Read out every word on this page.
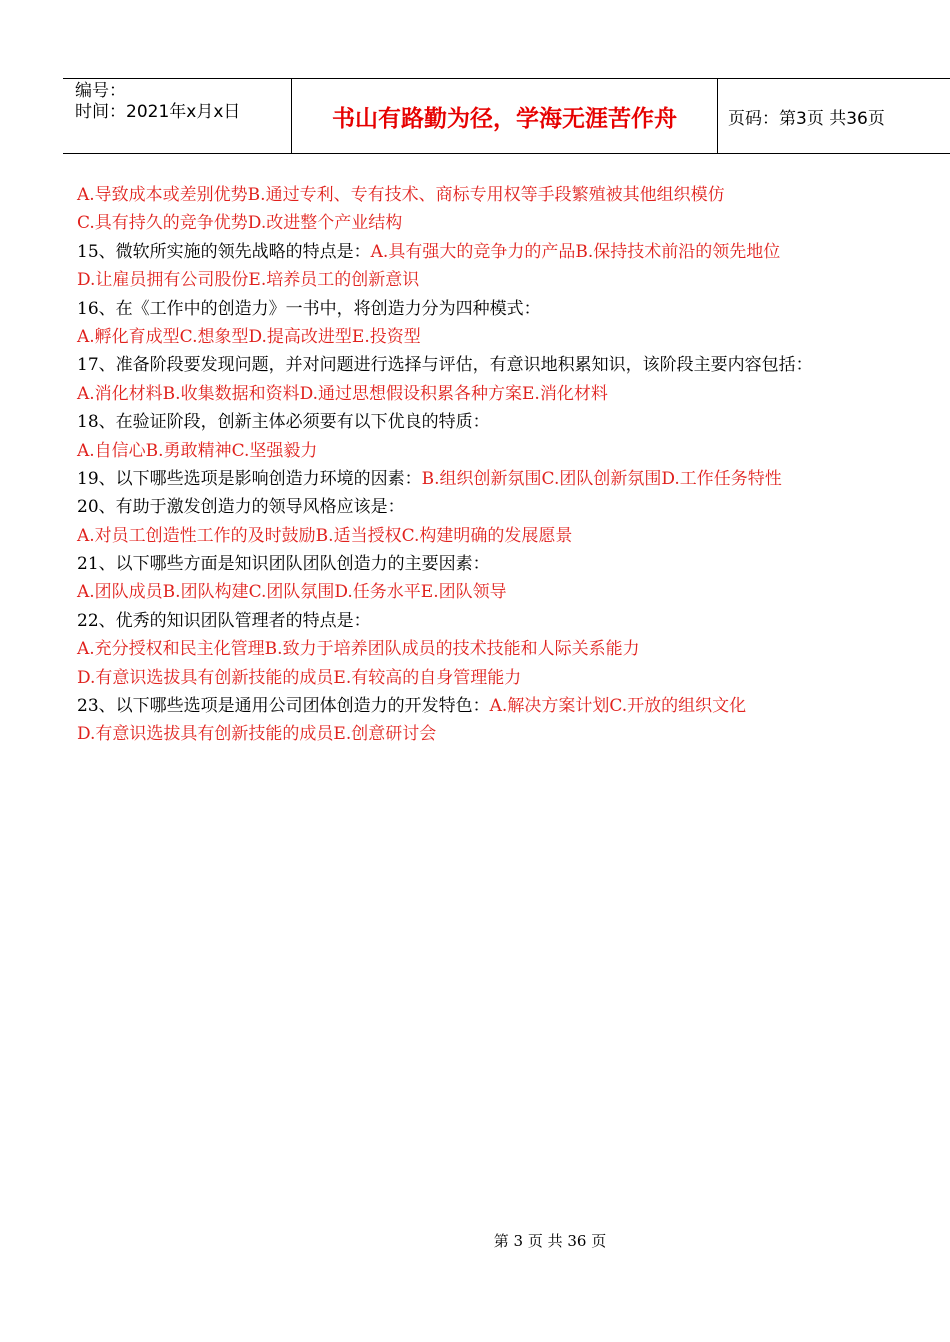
编号：
时间：2021年x月x日	书山有路勤为径，学海无涯苦作舟	页码：第3页 共36页
A.导致成本或差别优势B.通过专利、专有技术、商标专用权等手段繁殖被其他组织模仿
C.具有持久的竞争优势D.改进整个产业结构
15、微软所实施的领先战略的特点是：A.具有强大的竞争力的产品B.保持技术前沿的领先地位
D.让雇员拥有公司股份E.培养员工的创新意识
16、在《工作中的创造力》一书中，将创造力分为四种模式：
A.孵化育成型C.想象型D.提高改进型E.投资型
17、准备阶段要发现问题，并对问题进行选择与评估，有意识地积累知识，该阶段主要内容包括：
A.消化材料B.收集数据和资料D.通过思想假设积累各种方案E.消化材料
18、在验证阶段，创新主体必须要有以下优良的特质：
A.自信心B.勇敢精神C.坚强毅力
19、以下哪些选项是影响创造力环境的因素：B.组织创新氛围C.团队创新氛围D.工作任务特性
20、有助于激发创造力的领导风格应该是：
A.对员工创造性工作的及时鼓励B.适当授权C.构建明确的发展愿景
21、以下哪些方面是知识团队团队创造力的主要因素：
A.团队成员B.团队构建C.团队氛围D.任务水平E.团队领导
22、优秀的知识团队管理者的特点是：
A.充分授权和民主化管理B.致力于培养团队成员的技术技能和人际关系能力
D.有意识选拔具有创新技能的成员E.有较高的自身管理能力
23、以下哪些选项是通用公司团体创造力的开发特色：A.解决方案计划C.开放的组织文化
D.有意识选拔具有创新技能的成员E.创意研讨会
第 3 页 共 36 页
